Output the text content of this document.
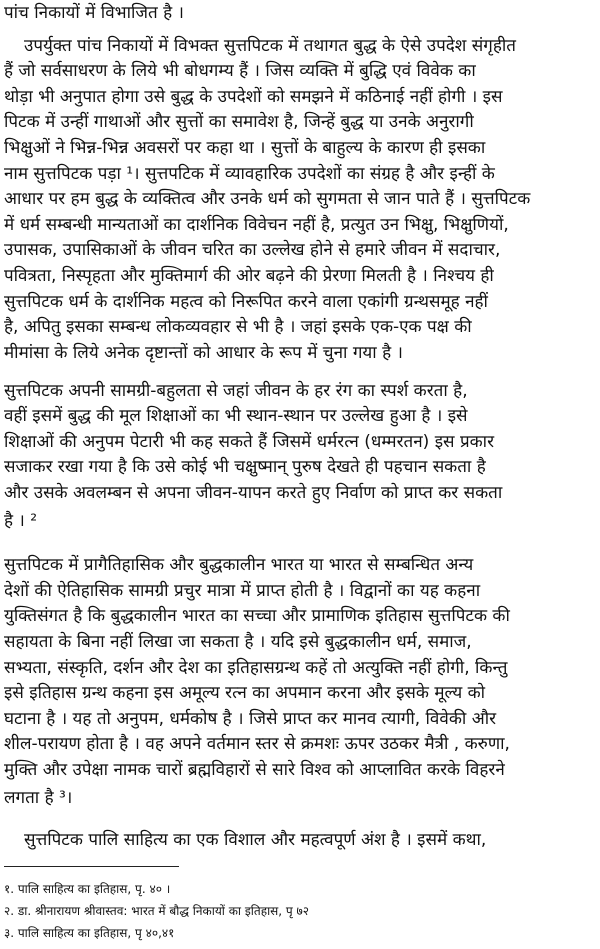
पांच निकायों में विभाजित है ।
उपर्युक्त पांच निकायों में विभक्त सुत्तपिटक में तथागत बुद्ध के ऐसे उपदेश संगृहीत
हैं जो सर्वसाधरण के लिये भी बोधगम्य हैं । जिस व्यक्ति में बुद्धि एवं विवेक का
थोड़ा भी अनुपात होगा उसे बुद्ध के उपदेशों को समझने में कठिनाई नहीं होगी । इस
पिटक में उन्हीं गाथाओं और सुत्तों का समावेश है, जिन्हें बुद्ध या उनके अनुरागी
भिक्षुओं ने भिन्न-भिन्न अवसरों पर कहा था । सुत्तों के बाहुल्य के कारण ही इसका
नाम सुत्तपिटक पड़ा ¹। सुत्तपटिक में व्यावहारिक उपदेशों का संग्रह है और इन्हीं के
आधार पर हम बुद्ध के व्यक्तित्व और उनके धर्म को सुगमता से जान पाते हैं । सुत्तपिटक
में धर्म सम्बन्धी मान्यताओं का दार्शनिक विवेचन नहीं है, प्रत्युत उन भिक्षु, भिक्षुणियों,
उपासक, उपासिकाओं के जीवन चरित का उल्लेख होने से हमारे जीवन में सदाचार,
पवित्रता, निस्पृहता और मुक्तिमार्ग की ओर बढ़ने की प्रेरणा मिलती है । निश्चय ही
सुत्तपिटक धर्म के दार्शनिक महत्व को निरूपित करने वाला एकांगी ग्रन्थसमूह नहीं
है, अपितु इसका सम्बन्ध लोकव्यवहार से भी है । जहां इसके एक-एक पक्ष की
मीमांसा के लिये अनेक दृष्टान्तों को आधार के रूप में चुना गया है ।
सुत्तपिटक अपनी सामग्री-बहुलता से जहां जीवन के हर रंग का स्पर्श करता है,
वहीं इसमें बुद्ध की मूल शिक्षाओं का भी स्थान-स्थान पर उल्लेख हुआ है । इसे
शिक्षाओं की अनुपम पेटारी भी कह सकते हैं जिसमें धर्मरत्न (धम्मरतन) इस प्रकार
सजाकर रखा गया है कि उसे कोई भी चक्षुष्मान् पुरुष देखते ही पहचान सकता है
और उसके अवलम्बन से अपना जीवन-यापन करते हुए निर्वाण को प्राप्त कर सकता
है । ²
सुत्तपिटक में प्रागैतिहासिक और बुद्धकालीन भारत या भारत से सम्बन्धित अन्य
देशों की ऐतिहासिक सामग्री प्रचुर मात्रा में प्राप्त होती है । विद्वानों का यह कहना
युक्तिसंगत है कि बुद्धकालीन भारत का सच्चा और प्रामाणिक इतिहास सुत्तपिटक की
सहायता के बिना नहीं लिखा जा सकता है । यदि इसे बुद्धकालीन धर्म, समाज,
सभ्यता, संस्कृति, दर्शन और देश का इतिहासग्रन्थ कहें तो अत्युक्ति नहीं होगी, किन्तु
इसे इतिहास ग्रन्थ कहना इस अमूल्य रत्न का अपमान करना और इसके मूल्य को
घटाना है । यह तो अनुपम, धर्मकोष है । जिसे प्राप्त कर मानव त्यागी, विवेकी और
शील-परायण होता है । वह अपने वर्तमान स्तर से क्रमशः ऊपर उठकर मैत्री , करुणा,
मुक्ति और उपेक्षा नामक चारों ब्रह्मविहारों से सारे विश्व को आप्लावित करके विहरने
लगता है ³।
सुत्तपिटक पालि साहित्य का एक विशाल और महत्वपूर्ण अंश है । इसमें कथा,
१. पालि साहित्य का इतिहास, पृ. ४० ।
२. डा. श्रीनारायण श्रीवास्तव: भारत में बौद्ध निकायों का इतिहास, पृ ७२
३. पालि साहित्य का इतिहास, पृ ४०,४१
